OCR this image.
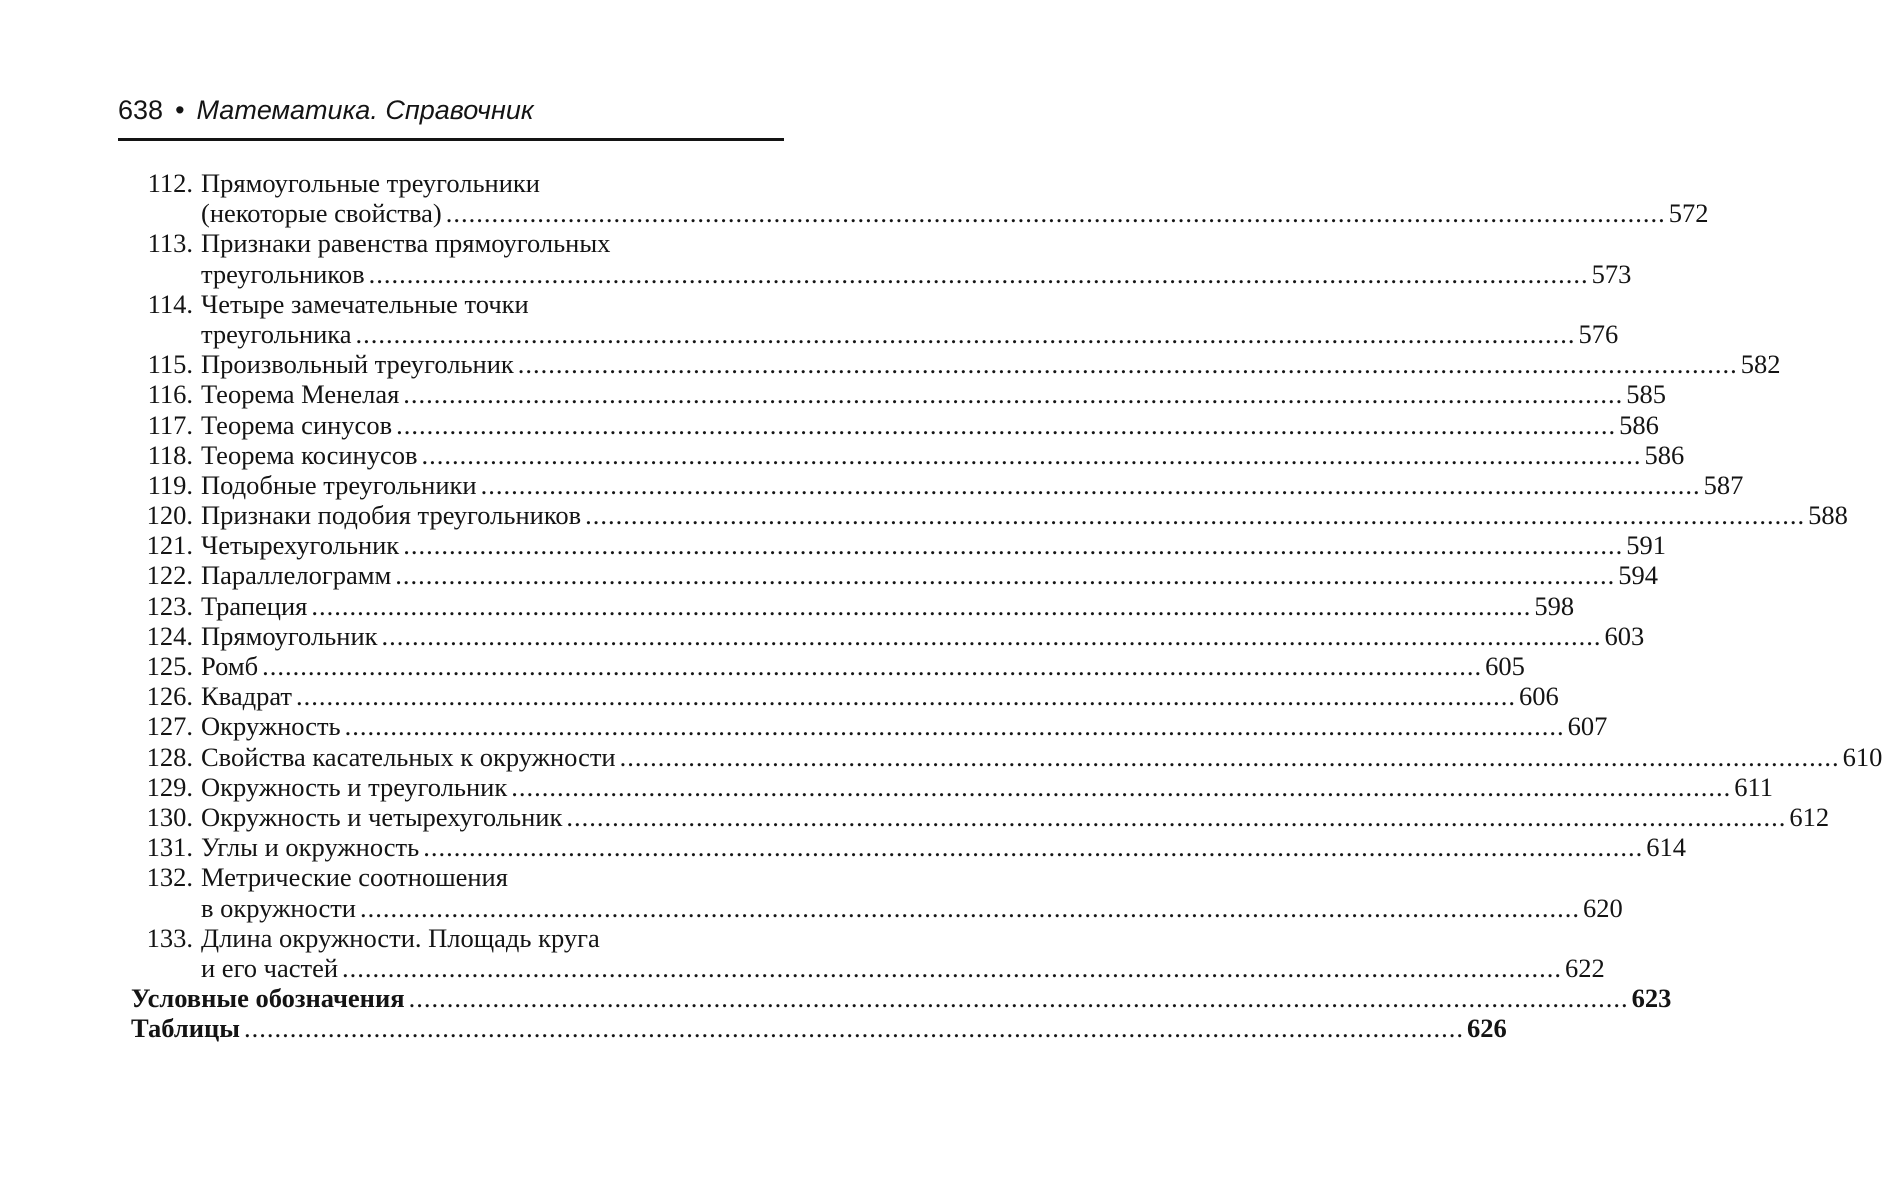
638 • Математика. Справочник
112. Прямоугольные треугольники
(некоторые свойства) ................................................................................................................................................................ 572
113. Признаки равенства прямоугольных
треугольников ................................................................................................................................................................ 573
114. Четыре замечательные точки
треугольника ................................................................................................................................................................ 576
115. Произвольный треугольник ................................................................................................................................................................ 582
116. Теорема Менелая ................................................................................................................................................................ 585
117. Теорема синусов ................................................................................................................................................................ 586
118. Теорема косинусов ................................................................................................................................................................ 586
119. Подобные треугольники ................................................................................................................................................................ 587
120. Признаки подобия треугольников ................................................................................................................................................................ 588
121. Четырехугольник ................................................................................................................................................................ 591
122. Параллелограмм ................................................................................................................................................................ 594
123. Трапеция ................................................................................................................................................................ 598
124. Прямоугольник ................................................................................................................................................................ 603
125. Ромб ................................................................................................................................................................ 605
126. Квадрат ................................................................................................................................................................ 606
127. Окружность ................................................................................................................................................................ 607
128. Свойства касательных к окружности ................................................................................................................................................................ 610
129. Окружность и треугольник ................................................................................................................................................................ 611
130. Окружность и четырехугольник ................................................................................................................................................................ 612
131. Углы и окружность ................................................................................................................................................................ 614
132. Метрические соотношения
в окружности ................................................................................................................................................................ 620
133. Длина окружности. Площадь круга
и его частей ................................................................................................................................................................ 622
Условные обозначения ................................................................................................................................................................ 623
Таблицы ................................................................................................................................................................ 626
